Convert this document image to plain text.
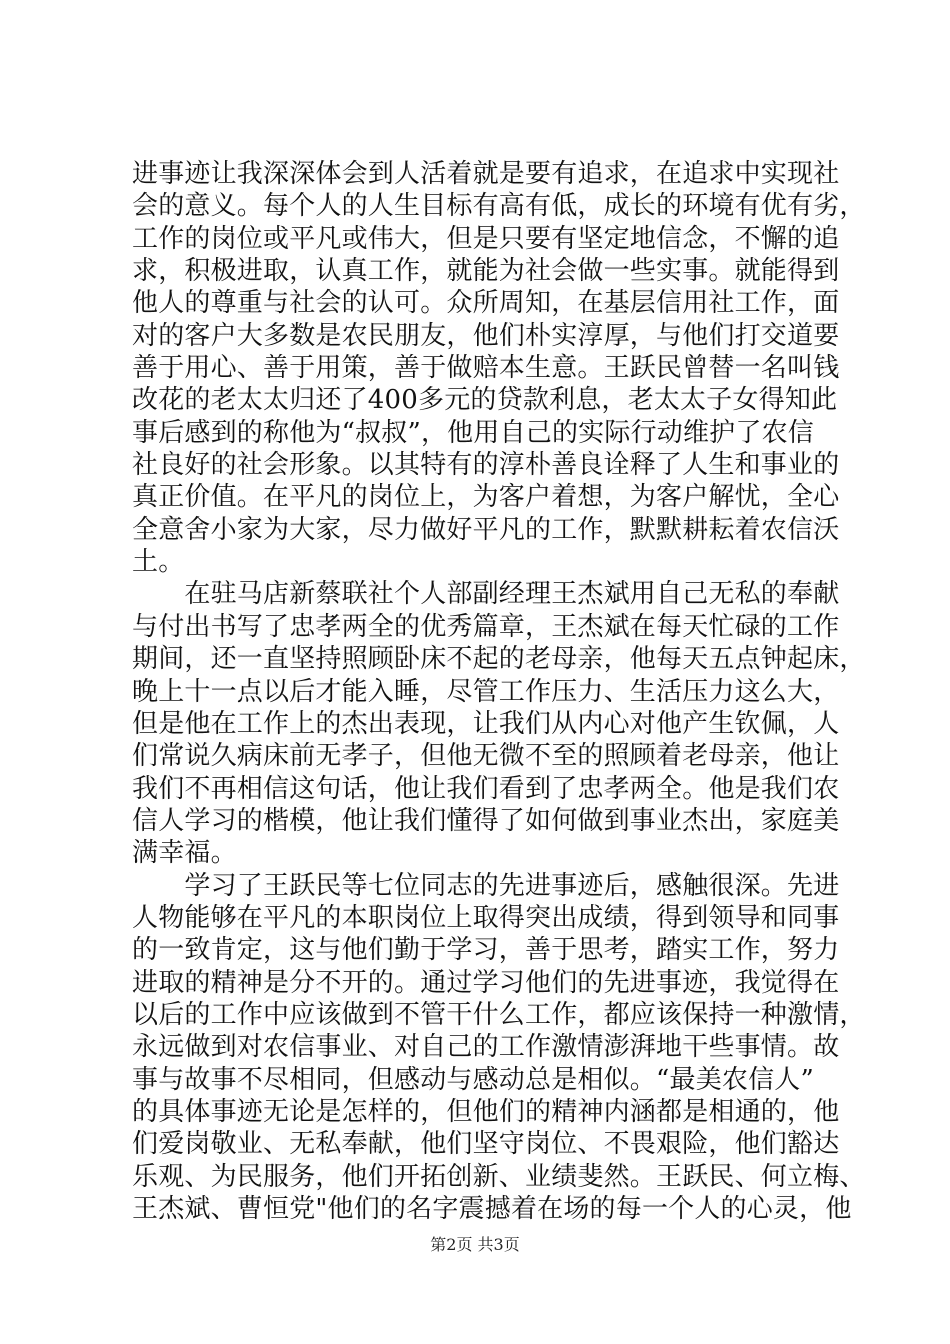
进事迹让我深深体会到人活着就是要有追求，在追求中实现社
会的意义。每个人的人生目标有高有低，成长的环境有优有劣，
工作的岗位或平凡或伟大，但是只要有坚定地信念，不懈的追
求，积极进取，认真工作，就能为社会做一些实事。就能得到
他人的尊重与社会的认可。众所周知，在基层信用社工作，面
对的客户大多数是农民朋友，他们朴实淳厚，与他们打交道要
善于用心、善于用策，善于做赔本生意。王跃民曾替一名叫钱
改花的老太太归还了400多元的贷款利息，老太太子女得知此
事后感到的称他为“叔叔”，他用自己的实际行动维护了农信
社良好的社会形象。以其特有的淳朴善良诠释了人生和事业的
真正价值。在平凡的岗位上，为客户着想，为客户解忧，全心
全意舍小家为大家，尽力做好平凡的工作，默默耕耘着农信沃
土。
　　在驻马店新蔡联社个人部副经理王杰斌用自己无私的奉献
与付出书写了忠孝两全的优秀篇章，王杰斌在每天忙碌的工作
期间，还一直坚持照顾卧床不起的老母亲，他每天五点钟起床，
晚上十一点以后才能入睡，尽管工作压力、生活压力这么大，
但是他在工作上的杰出表现，让我们从内心对他产生钦佩，人
们常说久病床前无孝子，但他无微不至的照顾着老母亲，他让
我们不再相信这句话，他让我们看到了忠孝两全。他是我们农
信人学习的楷模，他让我们懂得了如何做到事业杰出，家庭美
满幸福。
　　学习了王跃民等七位同志的先进事迹后，感触很深。先进
人物能够在平凡的本职岗位上取得突出成绩，得到领导和同事
的一致肯定，这与他们勤于学习，善于思考，踏实工作，努力
进取的精神是分不开的。通过学习他们的先进事迹，我觉得在
以后的工作中应该做到不管干什么工作，都应该保持一种激情，
永远做到对农信事业、对自己的工作激情澎湃地干些事情。故
事与故事不尽相同，但感动与感动总是相似。“最美农信人”
的具体事迹无论是怎样的，但他们的精神内涵都是相通的，他
们爱岗敬业、无私奉献，他们坚守岗位、不畏艰险，他们豁达
乐观、为民服务，他们开拓创新、业绩斐然。王跃民、何立梅、
王杰斌、曹恒党"他们的名字震撼着在场的每一个人的心灵，他
第2页 共3页
